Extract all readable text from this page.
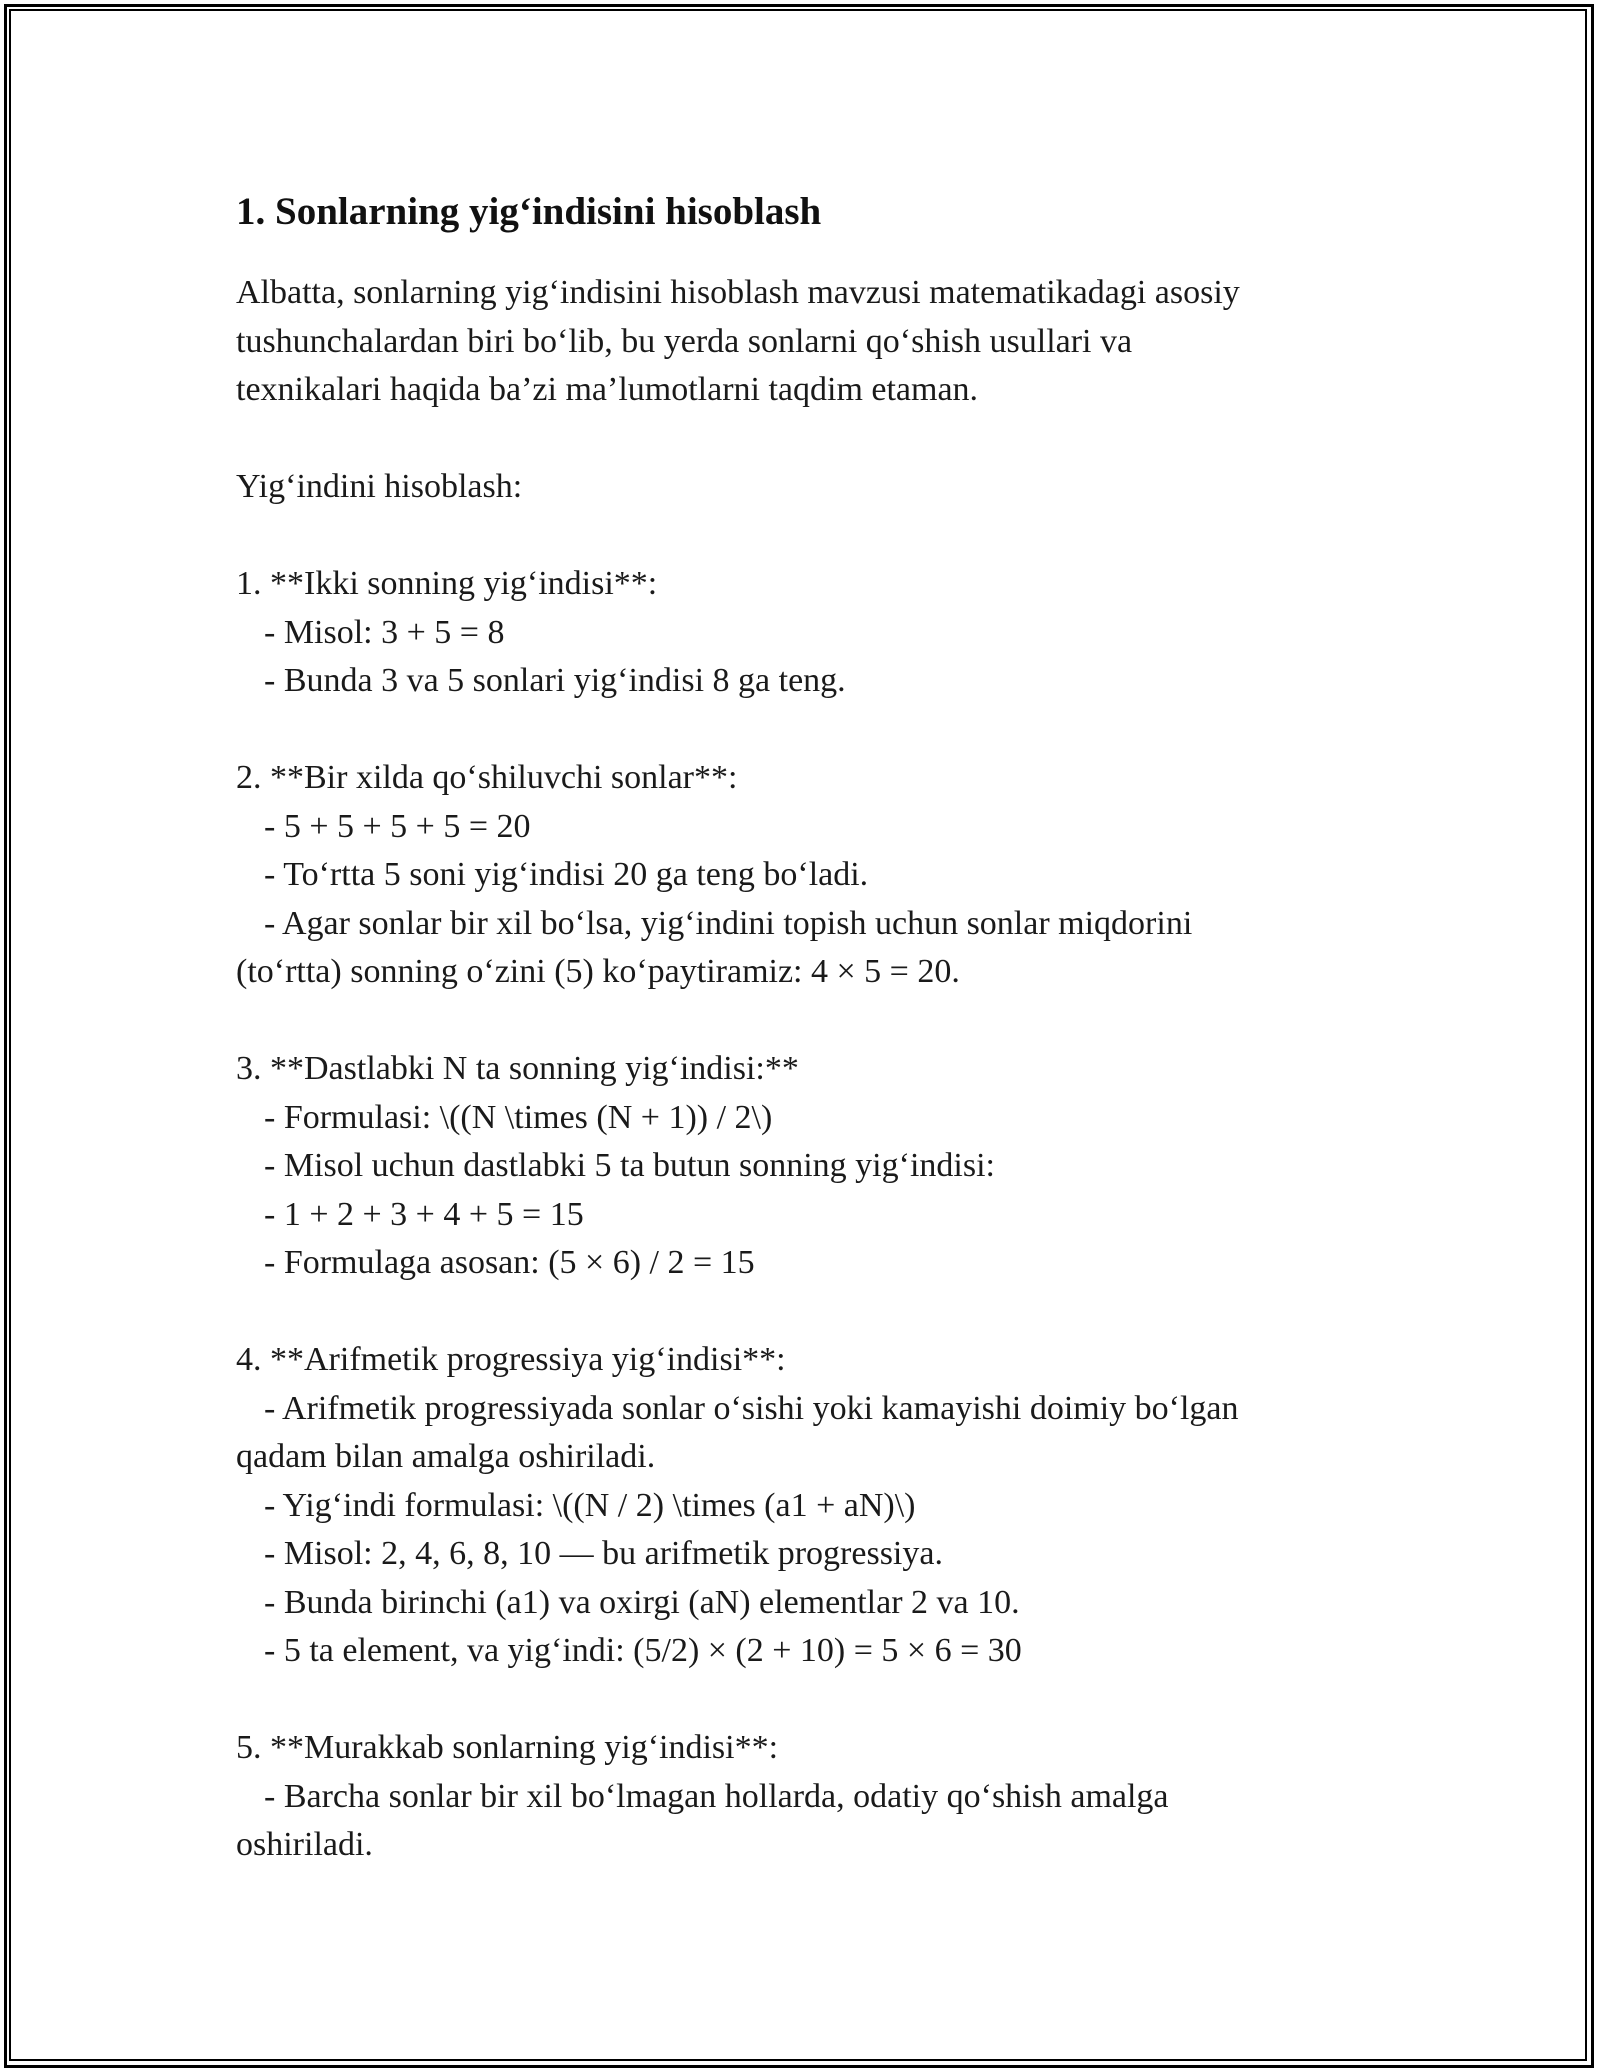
1. Sonlarning yig‘indisini hisoblash

Albatta, sonlarning yig‘indisini hisoblash mavzusi matematikadagi asosiy

tushunchalardan biri bo‘lib, bu yerda sonlarni qo‘shish usullari va

texnikalari haqida ba’zi ma’lumotlarni taqdim etaman.

Yig‘indini hisoblash:

1. **Ikki sonning yig‘indisi**:

- Misol: 3 + 5 = 8

- Bunda 3 va 5 sonlari yig‘indisi 8 ga teng.

2. **Bir xilda qo‘shiluvchi sonlar**:

- 5 + 5 + 5 + 5 = 20

- To‘rtta 5 soni yig‘indisi 20 ga teng bo‘ladi.

- Agar sonlar bir xil bo‘lsa, yig‘indini topish uchun sonlar miqdorini

(to‘rtta) sonning o‘zini (5) ko‘paytiramiz: 4 × 5 = 20.

3. **Dastlabki N ta sonning yig‘indisi:**

- Formulasi: \((N \times (N + 1)) / 2\)

- Misol uchun dastlabki 5 ta butun sonning yig‘indisi:

- 1 + 2 + 3 + 4 + 5 = 15

- Formulaga asosan: (5 × 6) / 2 = 15

4. **Arifmetik progressiya yig‘indisi**:

- Arifmetik progressiyada sonlar o‘sishi yoki kamayishi doimiy bo‘lgan

qadam bilan amalga oshiriladi.

- Yig‘indi formulasi: \((N / 2) \times (a1 + aN)\)

- Misol: 2, 4, 6, 8, 10 — bu arifmetik progressiya.

- Bunda birinchi (a1) va oxirgi (aN) elementlar 2 va 10.

- 5 ta element, va yig‘indi: (5/2) × (2 + 10) = 5 × 6 = 30

5. **Murakkab sonlarning yig‘indisi**:

- Barcha sonlar bir xil bo‘lmagan hollarda, odatiy qo‘shish amalga

oshiriladi.
